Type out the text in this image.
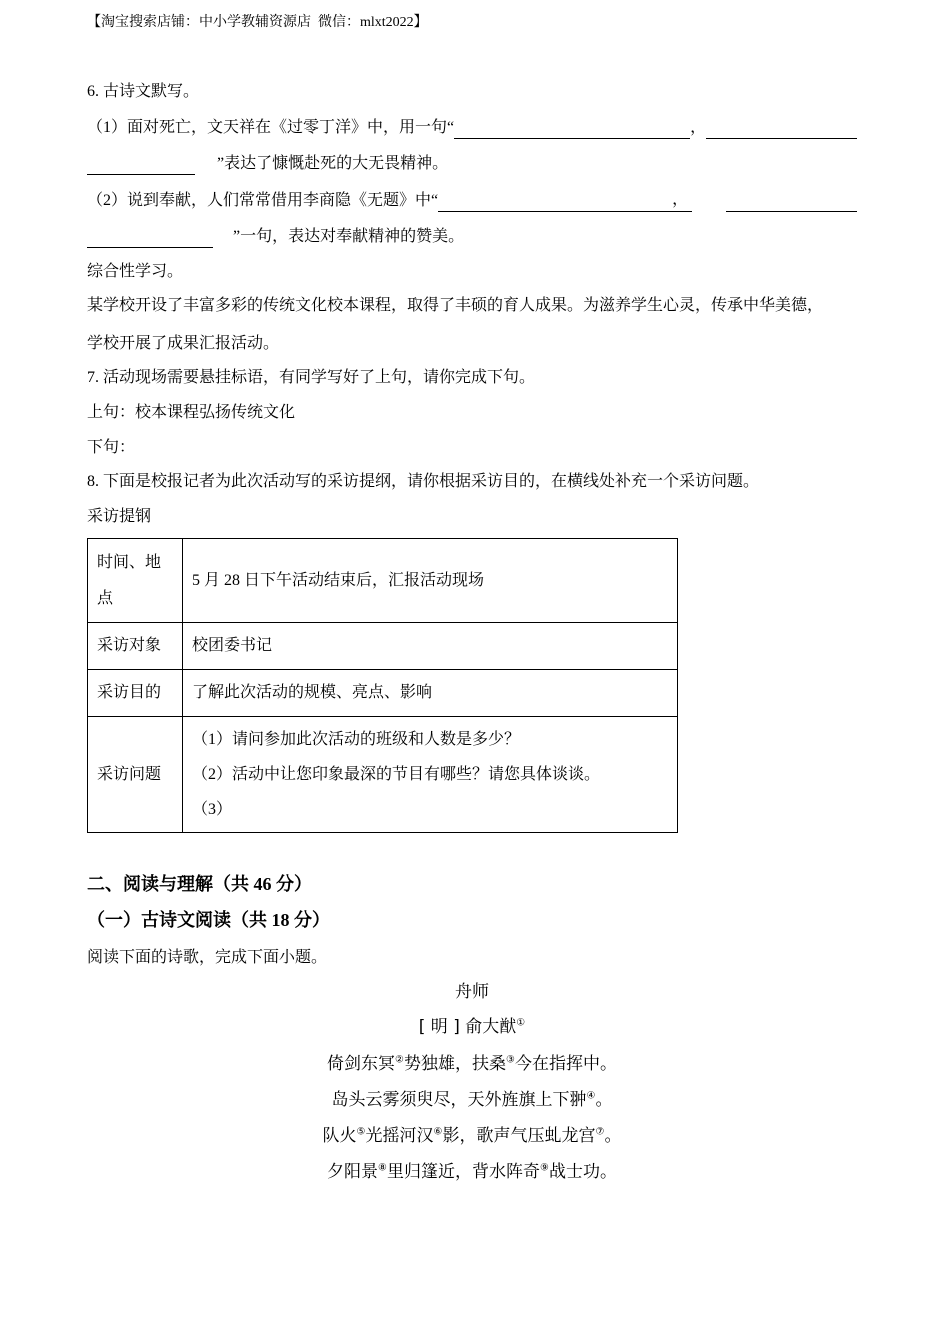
【淘宝搜索店铺：中小学教辅资源店  微信：mlxt2022】
6. 古诗文默写。
（1）面对死亡，文天祥在《过零丁洋》中，用一句“	，
”表达了慷慨赴死的大无畏精神。
（2）说到奉献，人们常常借用李商隐《无题》中“	，
”一句，表达对奉献精神的赞美。
综合性学习。
某学校开设了丰富多彩的传统文化校本课程，取得了丰硕的育人成果。为滋养学生心灵，传承中华美德，
学校开展了成果汇报活动。
7. 活动现场需要悬挂标语，有同学写好了上句，请你完成下句。
上句：校本课程弘扬传统文化
下句：
8. 下面是校报记者为此次活动写的采访提纲，请你根据采访目的，在横线处补充一个采访问题。
采访提钢
时间、地点	5 月 28 日下午活动结束后，汇报活动现场
采访对象	校团委书记
采访目的	了解此次活动的规模、亮点、影响
采访问题	（1）请问参加此次活动的班级和人数是多少？
（2）活动中让您印象最深的节目有哪些？请您具体谈谈。
（3）
二、阅读与理解（共 46 分）
（一）古诗文阅读（共 18 分）
阅读下面的诗歌，完成下面小题。
舟师
[ 明 ] 俞大猷①
倚剑东冥②势独雄，扶桑③今在指挥中。
岛头云雾须臾尽，天外旌旗上下翀④。
队火⑤光摇河汉⑥影，歌声气压虬龙宫⑦。
夕阳景⑧里归篷近，背水阵奇⑨战士功。
